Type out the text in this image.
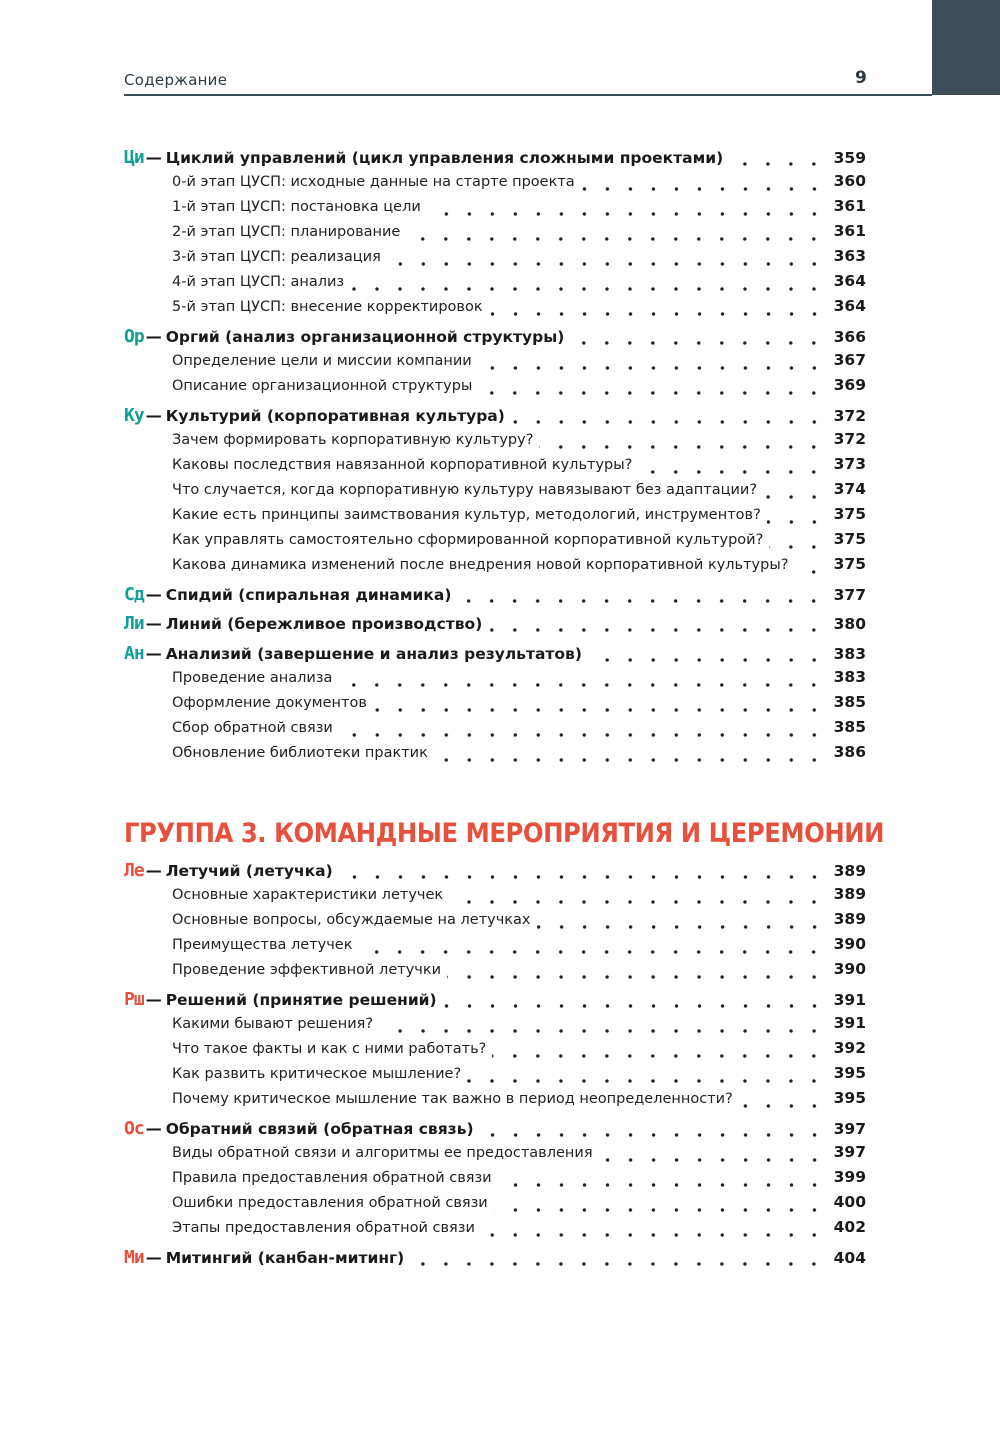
Содержание	9
Ци — Циклий управлений (цикл управления сложными проектами)	359
0-й этап ЦУСП: исходные данные на старте проекта	360
1-й этап ЦУСП: постановка цели	361
2-й этап ЦУСП: планирование	361
3-й этап ЦУСП: реализация	363
4-й этап ЦУСП: анализ	364
5-й этап ЦУСП: внесение корректировок	364
Ор — Оргий (анализ организационной структуры)	366
Определение цели и миссии компании	367
Описание организационной структуры	369
Ку — Культурий (корпоративная культура)	372
Зачем формировать корпоративную культуру?	372
Каковы последствия навязанной корпоративной культуры?	373
Что случается, когда корпоративную культуру навязывают без адаптации?	374
Какие есть принципы заимствования культур, методологий, инструментов?	375
Как управлять самостоятельно сформированной корпоративной культурой?	375
Какова динамика изменений после внедрения новой корпоративной культуры?	375
Сд — Спидий (спиральная динамика)	377
Ли — Линий (бережливое производство)	380
Ан — Анализий (завершение и анализ результатов)	383
Проведение анализа	383
Оформление документов	385
Сбор обратной связи	385
Обновление библиотеки практик	386
Ле — Летучий (летучка)	389
Основные характеристики летучек	389
Основные вопросы, обсуждаемые на летучках	389
Преимущества летучек	390
Проведение эффективной летучки	390
Рш — Решений (принятие решений)	391
Какими бывают решения?	391
Что такое факты и как с ними работать?	392
Как развить критическое мышление?	395
Почему критическое мышление так важно в период неопределенности?	395
Ос — Обратний связий (обратная связь)	397
Виды обратной связи и алгоритмы ее предоставления	397
Правила предоставления обратной связи	399
Ошибки предоставления обратной связи	400
Этапы предоставления обратной связи	402
Ми — Митингий (канбан-митинг)	404
ГРУППА 3. КОМАНДНЫЕ МЕРОПРИЯТИЯ И ЦЕРЕМОНИИ
